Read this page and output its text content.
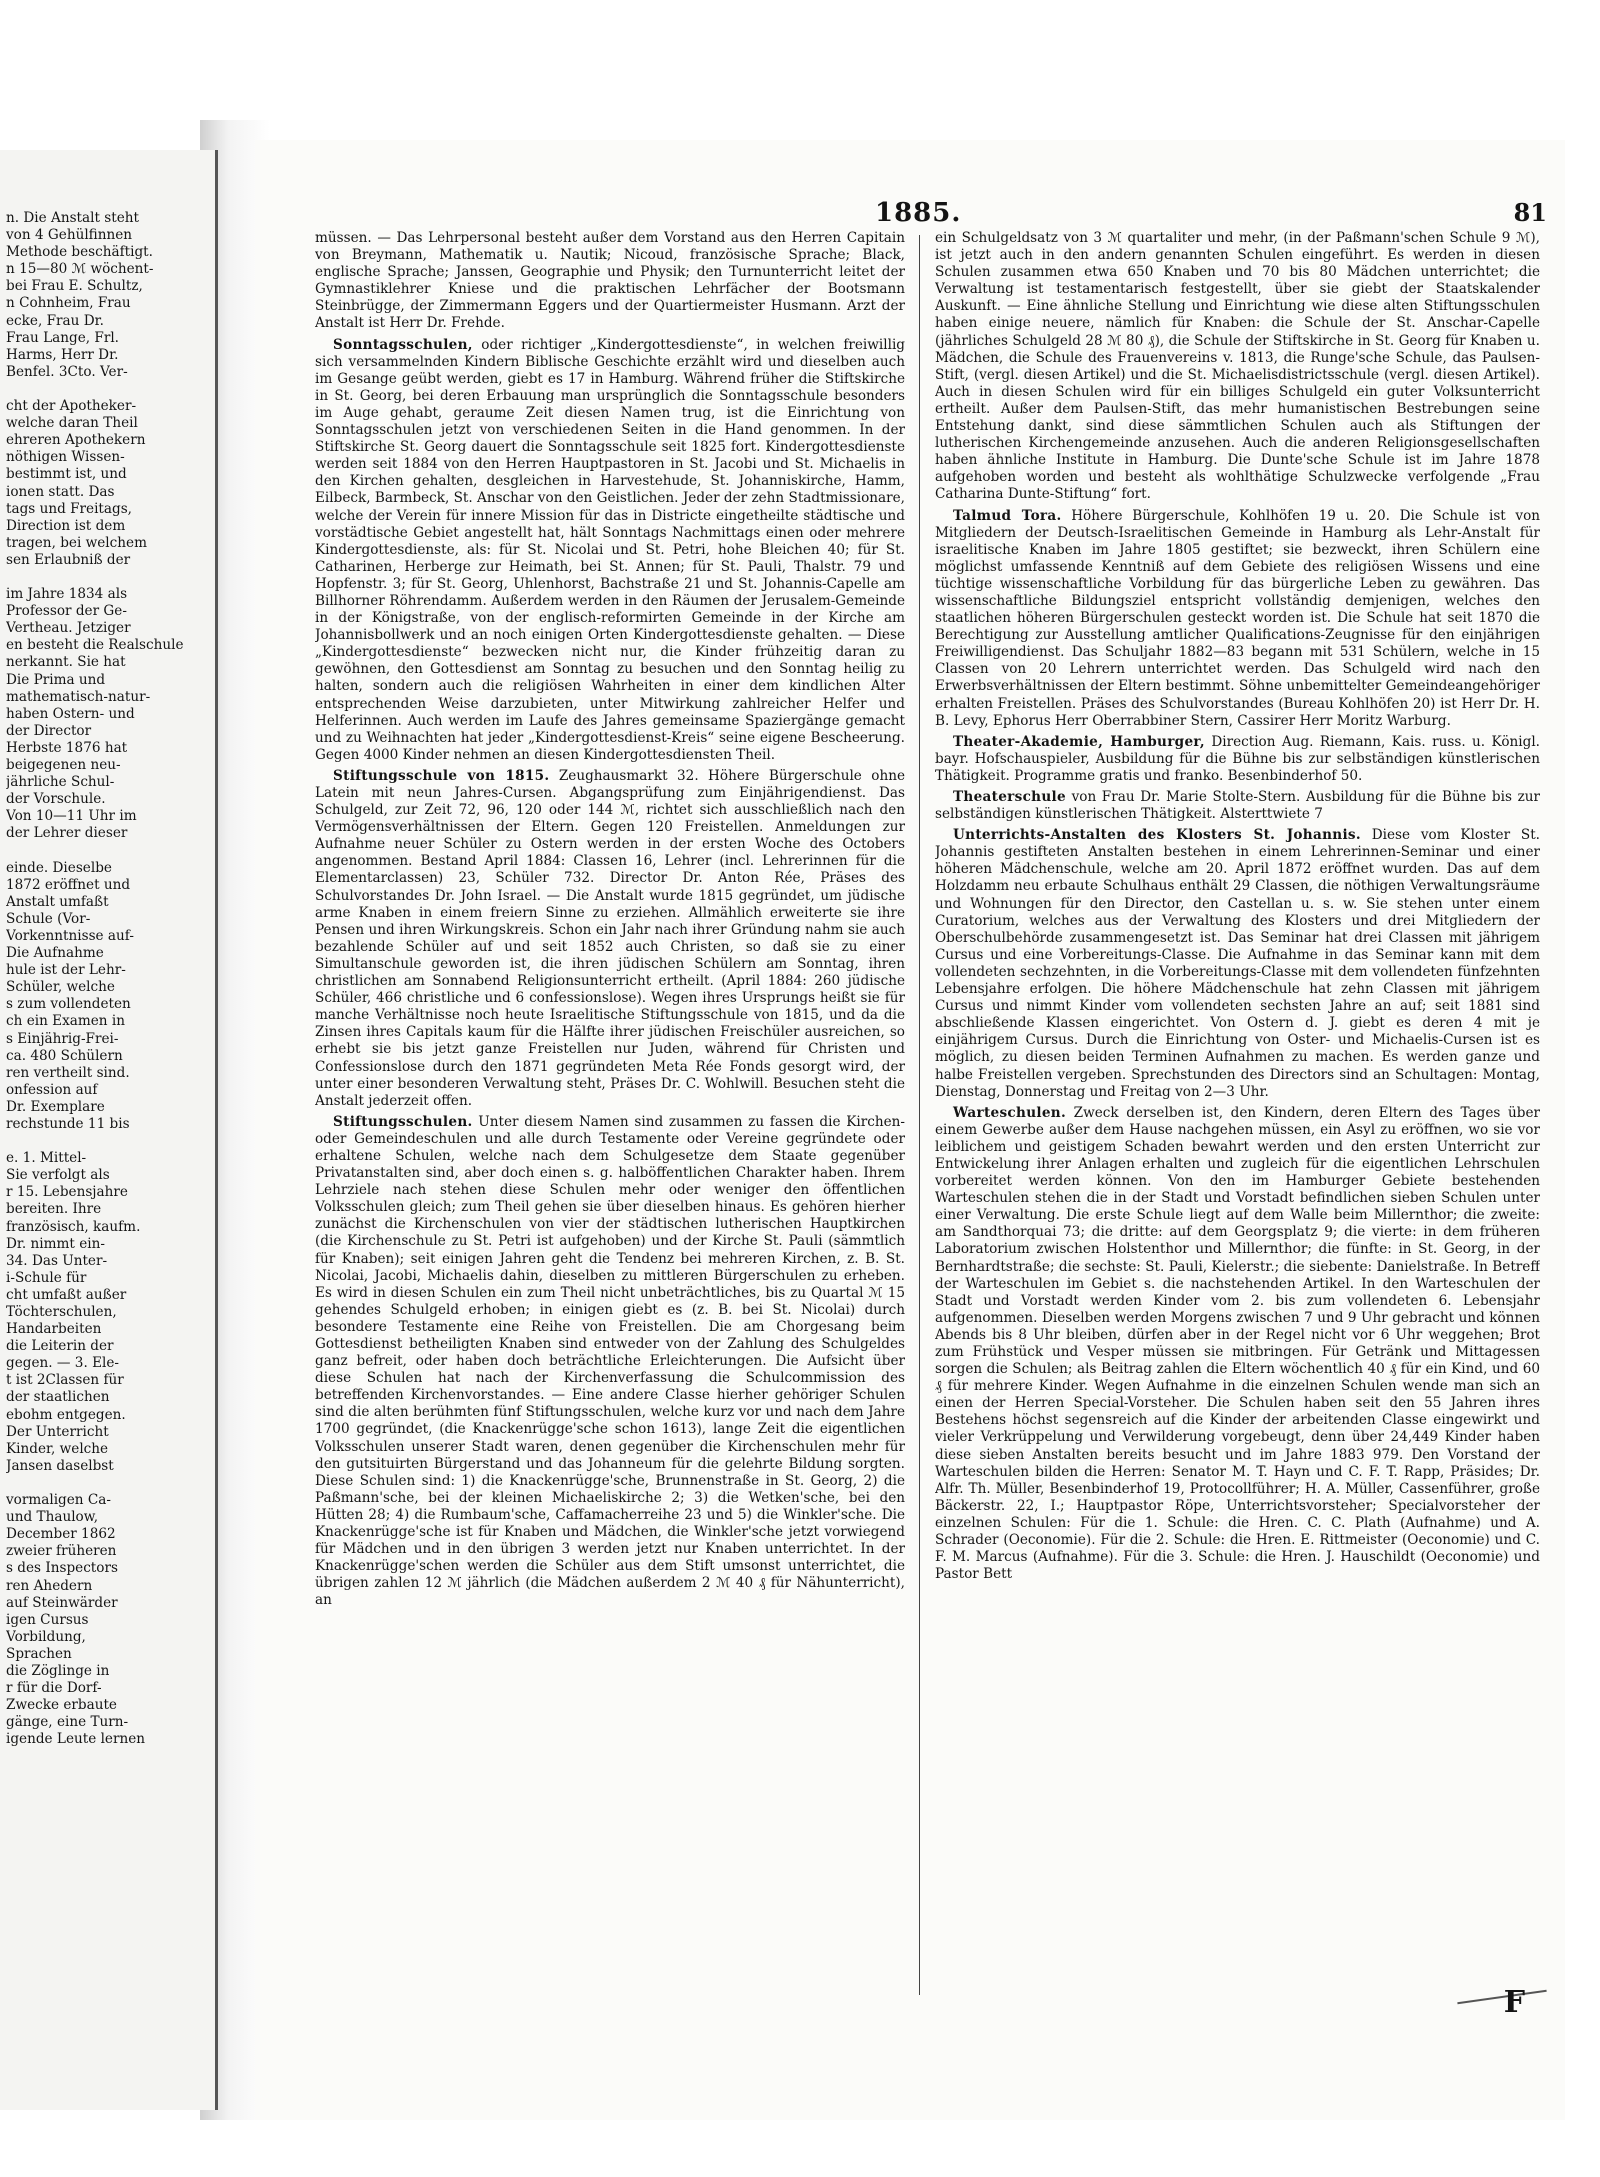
n. Die Anstalt steht
von 4 Gehülfinnen
Methode beschäftigt.
n 15—80 ℳ wöchent-
bei Frau E. Schultz,
n Cohnheim, Frau
ecke, Frau Dr.
Frau Lange, Frl.
Harms, Herr Dr.
Benfel. 3Cto. Ver-
cht der Apotheker-
welche daran Theil
ehreren Apothekern
nöthigen Wissen-
bestimmt ist, und
ionen statt. Das
tags und Freitags,
Direction ist dem
tragen, bei welchem
sen Erlaubniß der
im Jahre 1834 als
Professor der Ge-
Vertheau. Jetziger
en besteht die Realschule
nerkannt. Sie hat
Die Prima und
mathematisch-natur-
haben Ostern- und
der Director
Herbste 1876 hat
beigegenen neu-
jährliche Schul-
der Vorschule.
Von 10—11 Uhr im
der Lehrer dieser
einde. Dieselbe
1872 eröffnet und
Anstalt umfaßt
Schule (Vor-
Vorkenntnisse auf-
Die Aufnahme
hule ist der Lehr-
Schüler, welche
s zum vollendeten
ch ein Examen in
s Einjährig-Frei-
ca. 480 Schülern
ren vertheilt sind.
onfession auf
Dr. Exemplare
rechstunde 11 bis
e. 1. Mittel-
Sie verfolgt als
r 15. Lebensjahre
bereiten. Ihre
französisch, kaufm.
Dr. nimmt ein-
34. Das Unter-
i-Schule für
cht umfaßt außer
Töchterschulen,
Handarbeiten
die Leiterin der
gegen. — 3. Ele-
t ist 2Classen für
der staatlichen
ebohm entgegen.
Der Unterricht
Kinder, welche
Jansen daselbst
vormaligen Ca-
und Thaulow,
December 1862
zweier früheren
s des Inspectors
ren Ahedern
auf Steinwärder
igen Cursus
Vorbildung,
Sprachen
die Zöglinge in
r für die Dorf-
Zwecke erbaute
gänge, eine Turn-
igende Leute lernen
1885.	81

müssen. — Das Lehrpersonal besteht außer dem Vorstand aus den Herren Capitain von Breymann, Mathematik u. Nautik; Nicoud, französische Sprache; Black, englische Sprache; Janssen, Geographie und Physik; den Turnunterricht leitet der Gymnastiklehrer Kniese und die praktischen Lehrfächer der Bootsmann Steinbrügge, der Zimmermann Eggers und der Quartiermeister Husmann. Arzt der Anstalt ist Herr Dr. Frehde.

Sonntagsschulen, oder richtiger „Kindergottesdienste“, in welchen freiwillig sich versammelnden Kindern Biblische Geschichte erzählt wird und dieselben auch im Gesange geübt werden, giebt es 17 in Hamburg. Während früher die Stiftskirche in St. Georg, bei deren Erbauung man ursprünglich die Sonntagsschule besonders im Auge gehabt, geraume Zeit diesen Namen trug, ist die Einrichtung von Sonntagsschulen jetzt von verschiedenen Seiten in die Hand genommen. In der Stiftskirche St. Georg dauert die Sonntagsschule seit 1825 fort. Kindergottesdienste werden seit 1884 von den Herren Hauptpastoren in St. Jacobi und St. Michaelis in den Kirchen gehalten, desgleichen in Harvestehude, St. Johanniskirche, Hamm, Eilbeck, Barmbeck, St. Anschar von den Geistlichen. Jeder der zehn Stadtmissionare, welche der Verein für innere Mission für das in Districte eingetheilte städtische und vorstädtische Gebiet angestellt hat, hält Sonntags Nachmittags einen oder mehrere Kindergottesdienste, als: für St. Nicolai und St. Petri, hohe Bleichen 40; für St. Catharinen, Herberge zur Heimath, bei St. Annen; für St. Pauli, Thalstr. 79 und Hopfenstr. 3; für St. Georg, Uhlenhorst, Bachstraße 21 und St. Johannis-Capelle am Billhorner Röhrendamm. Außerdem werden in den Räumen der Jerusalem-Gemeinde in der Königstraße, von der englisch-reformirten Gemeinde in der Kirche am Johannisbollwerk und an noch einigen Orten Kindergottesdienste gehalten. — Diese „Kindergottesdienste“ bezwecken nicht nur, die Kinder frühzeitig daran zu gewöhnen, den Gottesdienst am Sonntag zu besuchen und den Sonntag heilig zu halten, sondern auch die religiösen Wahrheiten in einer dem kindlichen Alter entsprechenden Weise darzubieten, unter Mitwirkung zahlreicher Helfer und Helferinnen. Auch werden im Laufe des Jahres gemeinsame Spaziergänge gemacht und zu Weihnachten hat jeder „Kindergottesdienst-Kreis“ seine eigene Bescheerung. Gegen 4000 Kinder nehmen an diesen Kindergottesdiensten Theil.

Stiftungsschule von 1815. Zeughausmarkt 32. Höhere Bürgerschule ohne Latein mit neun Jahres-Cursen. Abgangsprüfung zum Einjährigendienst. Das Schulgeld, zur Zeit 72, 96, 120 oder 144 ℳ, richtet sich ausschließlich nach den Vermögensverhältnissen der Eltern. Gegen 120 Freistellen. Anmeldungen zur Aufnahme neuer Schüler zu Ostern werden in der ersten Woche des Octobers angenommen. Bestand April 1884: Classen 16, Lehrer (incl. Lehrerinnen für die Elementarclassen) 23, Schüler 732. Director Dr. Anton Rée, Präses des Schulvorstandes Dr. John Israel. — Die Anstalt wurde 1815 gegründet, um jüdische arme Knaben in einem freiern Sinne zu erziehen. Allmählich erweiterte sie ihre Pensen und ihren Wirkungskreis. Schon ein Jahr nach ihrer Gründung nahm sie auch bezahlende Schüler auf und seit 1852 auch Christen, so daß sie zu einer Simultanschule geworden ist, die ihren jüdischen Schülern am Sonntag, ihren christlichen am Sonnabend Religionsunterricht ertheilt. (April 1884: 260 jüdische Schüler, 466 christliche und 6 confessionslose). Wegen ihres Ursprungs heißt sie für manche Verhältnisse noch heute Israelitische Stiftungsschule von 1815, und da die Zinsen ihres Capitals kaum für die Hälfte ihrer jüdischen Freischüler ausreichen, so erhebt sie bis jetzt ganze Freistellen nur Juden, während für Christen und Confessionslose durch den 1871 gegründeten Meta Rée Fonds gesorgt wird, der unter einer besonderen Verwaltung steht, Präses Dr. C. Wohlwill. Besuchen steht die Anstalt jederzeit offen.

Stiftungsschulen. Unter diesem Namen sind zusammen zu fassen die Kirchen- oder Gemeindeschulen und alle durch Testamente oder Vereine gegründete oder erhaltene Schulen, welche nach dem Schulgesetze dem Staate gegenüber Privatanstalten sind, aber doch einen s. g. halböffentlichen Charakter haben. Ihrem Lehrziele nach stehen diese Schulen mehr oder weniger den öffentlichen Volksschulen gleich; zum Theil gehen sie über dieselben hinaus. Es gehören hierher zunächst die Kirchenschulen von vier der städtischen lutherischen Hauptkirchen (die Kirchenschule zu St. Petri ist aufgehoben) und der Kirche St. Pauli (sämmtlich für Knaben); seit einigen Jahren geht die Tendenz bei mehreren Kirchen, z. B. St. Nicolai, Jacobi, Michaelis dahin, dieselben zu mittleren Bürgerschulen zu erheben. Es wird in diesen Schulen ein zum Theil nicht unbeträchtliches, bis zu Quartal ℳ 15 gehendes Schulgeld erhoben; in einigen giebt es (z. B. bei St. Nicolai) durch besondere Testamente eine Reihe von Freistellen. Die am Chorgesang beim Gottesdienst betheiligten Knaben sind entweder von der Zahlung des Schulgeldes ganz befreit, oder haben doch beträchtliche Erleichterungen. Die Aufsicht über diese Schulen hat nach der Kirchenverfassung die Schulcommission des betreffenden Kirchenvorstandes. — Eine andere Classe hierher gehöriger Schulen sind die alten berühmten fünf Stiftungsschulen, welche kurz vor und nach dem Jahre 1700 gegründet, (die Knackenrügge'sche schon 1613), lange Zeit die eigentlichen Volksschulen unserer Stadt waren, denen gegenüber die Kirchenschulen mehr für den gutsituirten Bürgerstand und das Johanneum für die gelehrte Bildung sorgten. Diese Schulen sind: 1) die Knackenrügge'sche, Brunnenstraße in St. Georg, 2) die Paßmann'sche, bei der kleinen Michaeliskirche 2; 3) die Wetken'sche, bei den Hütten 28; 4) die Rumbaum'sche, Caffamacherreihe 23 und 5) die Winkler'sche. Die Knackenrügge'sche ist für Knaben und Mädchen, die Winkler'sche jetzt vorwiegend für Mädchen und in den übrigen 3 werden jetzt nur Knaben unterrichtet. In der Knackenrügge'schen werden die Schüler aus dem Stift umsonst unterrichtet, die übrigen zahlen 12 ℳ jährlich (die Mädchen außerdem 2 ℳ 40 ₰ für Nähunterricht), an

ein Schulgeldsatz von 3 ℳ quartaliter und mehr, (in der Paßmann'schen Schule 9 ℳ), ist jetzt auch in den andern genannten Schulen eingeführt. Es werden in diesen Schulen zusammen etwa 650 Knaben und 70 bis 80 Mädchen unterrichtet; die Verwaltung ist testamentarisch festgestellt, über sie giebt der Staatskalender Auskunft. — Eine ähnliche Stellung und Einrichtung wie diese alten Stiftungsschulen haben einige neuere, nämlich für Knaben: die Schule der St. Anschar-Capelle (jährliches Schulgeld 28 ℳ 80 ₰), die Schule der Stiftskirche in St. Georg für Knaben u. Mädchen, die Schule des Frauenvereins v. 1813, die Runge'sche Schule, das Paulsen-Stift, (vergl. diesen Artikel) und die St. Michaelisdistrictsschule (vergl. diesen Artikel). Auch in diesen Schulen wird für ein billiges Schulgeld ein guter Volksunterricht ertheilt. Außer dem Paulsen-Stift, das mehr humanistischen Bestrebungen seine Entstehung dankt, sind diese sämmtlichen Schulen auch als Stiftungen der lutherischen Kirchengemeinde anzusehen. Auch die anderen Religionsgesellschaften haben ähnliche Institute in Hamburg. Die Dunte'sche Schule ist im Jahre 1878 aufgehoben worden und besteht als wohlthätige Schulzwecke verfolgende „Frau Catharina Dunte-Stiftung“ fort.

Talmud Tora. Höhere Bürgerschule, Kohlhöfen 19 u. 20. Die Schule ist von Mitgliedern der Deutsch-Israelitischen Gemeinde in Hamburg als Lehr-Anstalt für israelitische Knaben im Jahre 1805 gestiftet; sie bezweckt, ihren Schülern eine möglichst umfassende Kenntniß auf dem Gebiete des religiösen Wissens und eine tüchtige wissenschaftliche Vorbildung für das bürgerliche Leben zu gewähren. Das wissenschaftliche Bildungsziel entspricht vollständig demjenigen, welches den staatlichen höheren Bürgerschulen gesteckt worden ist. Die Schule hat seit 1870 die Berechtigung zur Ausstellung amtlicher Qualifications-Zeugnisse für den einjährigen Freiwilligendienst. Das Schuljahr 1882—83 begann mit 531 Schülern, welche in 15 Classen von 20 Lehrern unterrichtet werden. Das Schulgeld wird nach den Erwerbsverhältnissen der Eltern bestimmt. Söhne unbemittelter Gemeindeangehöriger erhalten Freistellen. Präses des Schulvorstandes (Bureau Kohlhöfen 20) ist Herr Dr. H. B. Levy, Ephorus Herr Oberrabbiner Stern, Cassirer Herr Moritz Warburg.

Theater-Akademie, Hamburger, Direction Aug. Riemann, Kais. russ. u. Königl. bayr. Hofschauspieler, Ausbildung für die Bühne bis zur selbständigen künstlerischen Thätigkeit. Programme gratis und franko. Besenbinderhof 50.

Theaterschule von Frau Dr. Marie Stolte-Stern. Ausbildung für die Bühne bis zur selbständigen künstlerischen Thätigkeit. Alsterttwiete 7

Unterrichts-Anstalten des Klosters St. Johannis. Diese vom Kloster St. Johannis gestifteten Anstalten bestehen in einem Lehrerinnen-Seminar und einer höheren Mädchenschule, welche am 20. April 1872 eröffnet wurden. Das auf dem Holzdamm neu erbaute Schulhaus enthält 29 Classen, die nöthigen Verwaltungsräume und Wohnungen für den Director, den Castellan u. s. w. Sie stehen unter einem Curatorium, welches aus der Verwaltung des Klosters und drei Mitgliedern der Oberschulbehörde zusammengesetzt ist. Das Seminar hat drei Classen mit jährigem Cursus und eine Vorbereitungs-Classe. Die Aufnahme in das Seminar kann mit dem vollendeten sechzehnten, in die Vorbereitungs-Classe mit dem vollendeten fünfzehnten Lebensjahre erfolgen. Die höhere Mädchenschule hat zehn Classen mit jährigem Cursus und nimmt Kinder vom vollendeten sechsten Jahre an auf; seit 1881 sind abschließende Klassen eingerichtet. Von Ostern d. J. giebt es deren 4 mit je einjährigem Cursus. Durch die Einrichtung von Oster- und Michaelis-Cursen ist es möglich, zu diesen beiden Terminen Aufnahmen zu machen. Es werden ganze und halbe Freistellen vergeben. Sprechstunden des Directors sind an Schultagen: Montag, Dienstag, Donnerstag und Freitag von 2—3 Uhr.

Warteschulen. Zweck derselben ist, den Kindern, deren Eltern des Tages über einem Gewerbe außer dem Hause nachgehen müssen, ein Asyl zu eröffnen, wo sie vor leiblichem und geistigem Schaden bewahrt werden und den ersten Unterricht zur Entwickelung ihrer Anlagen erhalten und zugleich für die eigentlichen Lehrschulen vorbereitet werden können. Von den im Hamburger Gebiete bestehenden Warteschulen stehen die in der Stadt und Vorstadt befindlichen sieben Schulen unter einer Verwaltung. Die erste Schule liegt auf dem Walle beim Millernthor; die zweite: am Sandthorquai 73; die dritte: auf dem Georgsplatz 9; die vierte: in dem früheren Laboratorium zwischen Holstenthor und Millernthor; die fünfte: in St. Georg, in der Bernhardtstraße; die sechste: St. Pauli, Kielerstr.; die siebente: Danielstraße. In Betreff der Warteschulen im Gebiet s. die nachstehenden Artikel. In den Warteschulen der Stadt und Vorstadt werden Kinder vom 2. bis zum vollendeten 6. Lebensjahr aufgenommen. Dieselben werden Morgens zwischen 7 und 9 Uhr gebracht und können Abends bis 8 Uhr bleiben, dürfen aber in der Regel nicht vor 6 Uhr weggehen; Brot zum Frühstück und Vesper müssen sie mitbringen. Für Getränk und Mittagessen sorgen die Schulen; als Beitrag zahlen die Eltern wöchentlich 40 ₰ für ein Kind, und 60 ₰ für mehrere Kinder. Wegen Aufnahme in die einzelnen Schulen wende man sich an einen der Herren Special-Vorsteher. Die Schulen haben seit den 55 Jahren ihres Bestehens höchst segensreich auf die Kinder der arbeitenden Classe eingewirkt und vieler Verkrüppelung und Verwilderung vorgebeugt, denn über 24,449 Kinder haben diese sieben Anstalten bereits besucht und im Jahre 1883 979. Den Vorstand der Warteschulen bilden die Herren: Senator M. T. Hayn und C. F. T. Rapp, Präsides; Dr. Alfr. Th. Müller, Besenbinderhof 19, Protocollführer; H. A. Müller, Cassenführer, große Bäckerstr. 22, I.; Hauptpastor Röpe, Unterrichtsvorsteher; Specialvorsteher der einzelnen Schulen: Für die 1. Schule: die Hren. C. C. Plath (Aufnahme) und A. Schrader (Oeconomie). Für die 2. Schule: die Hren. E. Rittmeister (Oeconomie) und C. F. M. Marcus (Aufnahme). Für die 3. Schule: die Hren. J. Hauschildt (Oeconomie) und Pastor Bett

F
